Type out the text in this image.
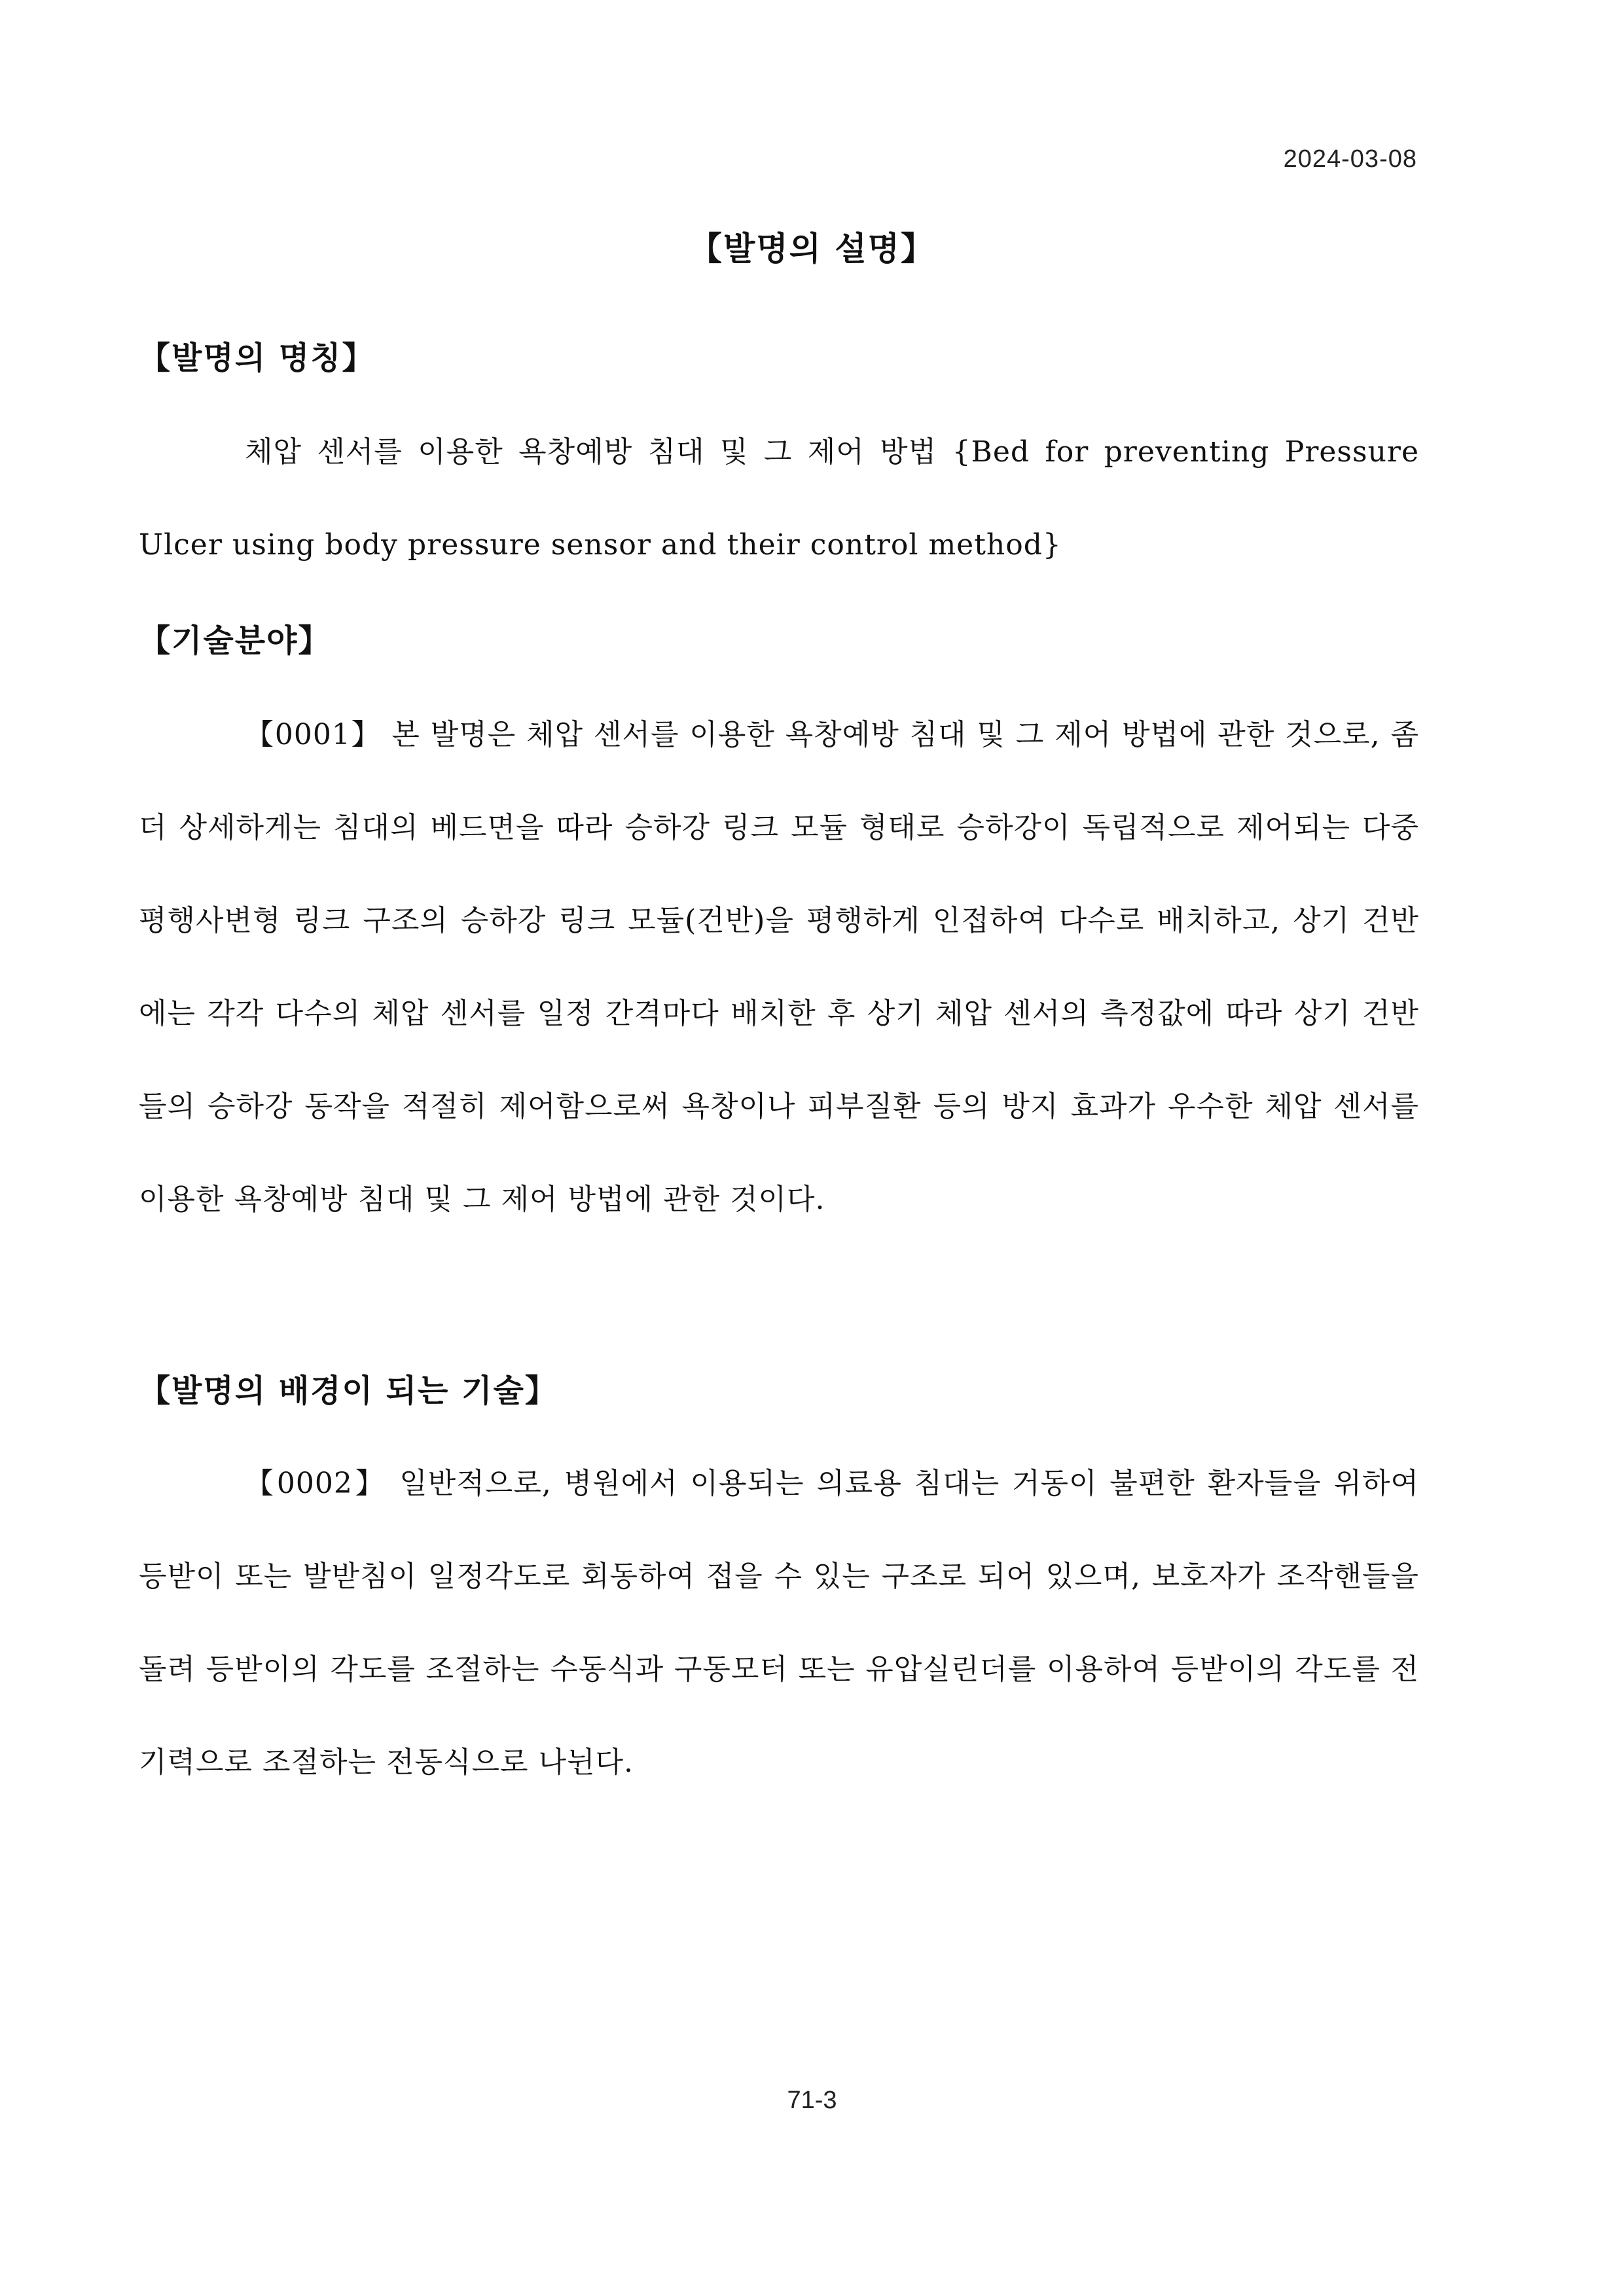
2024-03-08
【발명의 설명】
【발명의 명칭】

체압 센서를 이용한 욕창예방 침대 및 그 제어 방법 {Bed for preventing Pressure Ulcer using body pressure sensor and their control method}

【기술분야】

【0001】 본 발명은 체압 센서를 이용한 욕창예방 침대 및 그 제어 방법에 관한 것으로, 좀 더 상세하게는 침대의 베드면을 따라 승하강 링크 모듈 형태로 승하강이 독립적으로 제어되는 다중 평행사변형 링크 구조의 승하강 링크 모듈(건반)을 평행하게 인접하여 다수로 배치하고, 상기 건반에는 각각 다수의 체압 센서를 일정 간격마다 배치한 후 상기 체압 센서의 측정값에 따라 상기 건반들의 승하강 동작을 적절히 제어함으로써 욕창이나 피부질환 등의 방지 효과가 우수한 체압 센서를 이용한 욕창예방 침대 및 그 제어 방법에 관한 것이다.

【발명의 배경이 되는 기술】

【0002】 일반적으로, 병원에서 이용되는 의료용 침대는 거동이 불편한 환자들을 위하여 등받이 또는 발받침이 일정각도로 회동하여 접을 수 있는 구조로 되어 있으며, 보호자가 조작핸들을 돌려 등받이의 각도를 조절하는 수동식과 구동모터 또는 유압실린더를 이용하여 등받이의 각도를 전기력으로 조절하는 전동식으로 나뉜다.

71-3
